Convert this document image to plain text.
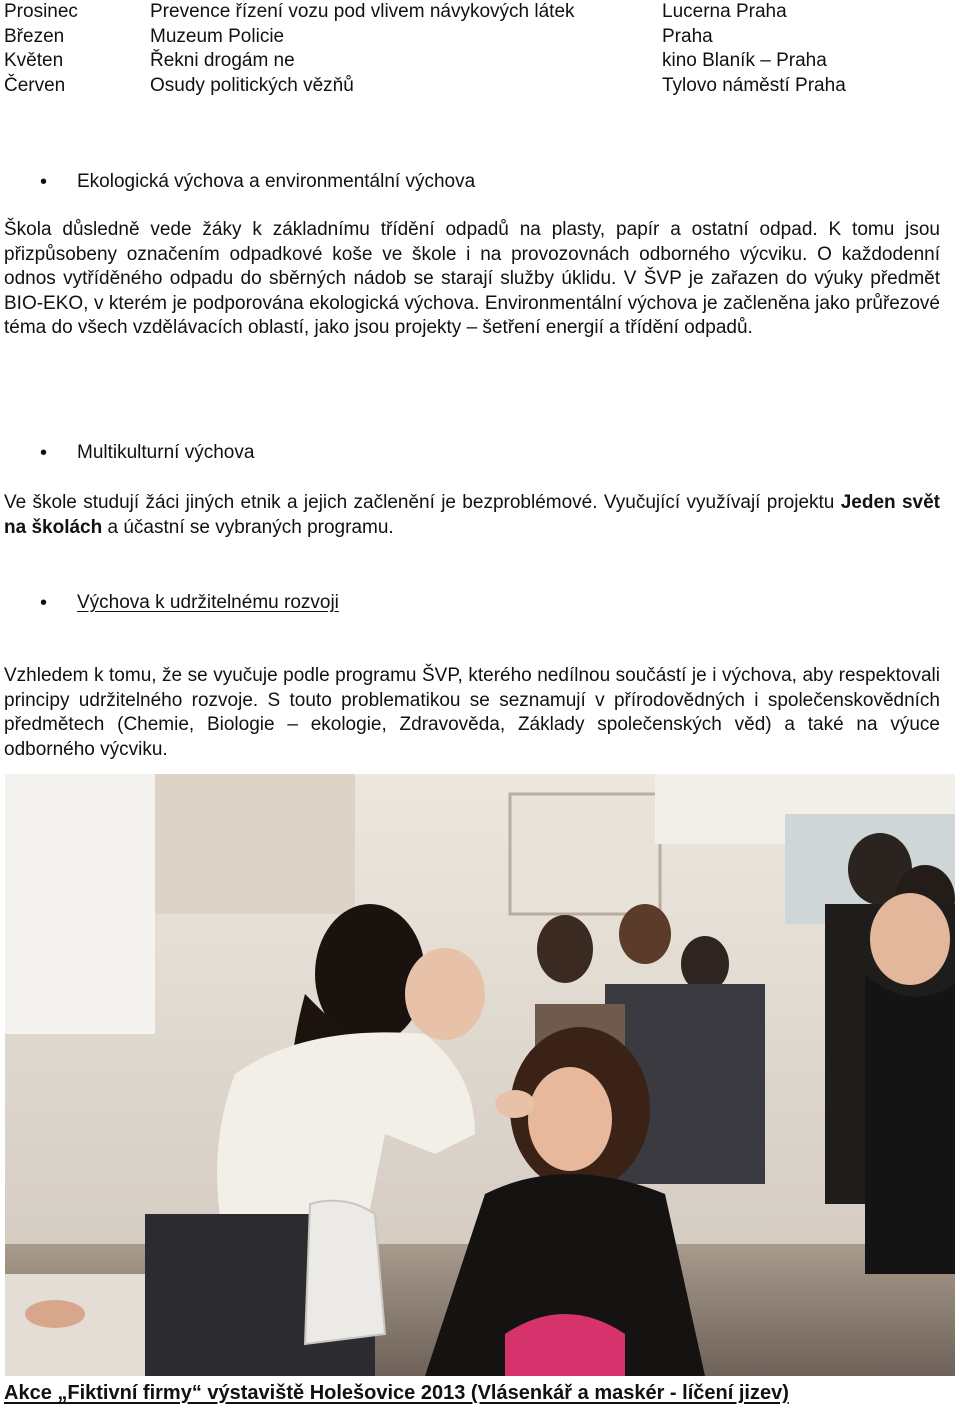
Prosinec	Prevence řízení vozu pod vlivem návykových látek	Lucerna Praha
Březen	Muzeum Policie	Praha
Květen	Řekni drogám ne	kino Blaník – Praha
Červen	Osudy politických vězňů	Tylovo náměstí Praha
•	Ekologická výchova a environmentální výchova
Škola důsledně vede žáky k základnímu třídění odpadů na plasty, papír a ostatní odpad. K tomu jsou přizpůsobeny označením odpadkové koše ve škole i na provozovnách odborného výcviku. O každodenní odnos vytříděného odpadu do sběrných nádob se starají služby úklidu. V ŠVP je zařazen do výuky předmět BIO-EKO, v kterém je podporována ekologická výchova. Environmentální výchova je začleněna jako průřezové téma do všech vzdělávacích oblastí, jako jsou projekty – šetření energií a třídění odpadů.
•	Multikulturní výchova
Ve škole studují žáci jiných etnik a jejich začlenění je bezproblémové. Vyučující využívají projektu Jeden svět na školách a účastní se vybraných programu.
•	Výchova k udržitelnému rozvoji
Vzhledem k tomu, že se vyučuje podle programu ŠVP, kterého nedílnou součástí je i výchova, aby respektovali principy udržitelného rozvoje. S touto problematikou se seznamují v přírodovědných i společenskovědních předmětech (Chemie, Biologie – ekologie, Zdravověda, Základy společenských věd) a také na výuce odborného výcviku.
Akce „Fiktivní firmy“ výstaviště Holešovice 2013 (Vlásenkář a maskér - líčení jizev)
